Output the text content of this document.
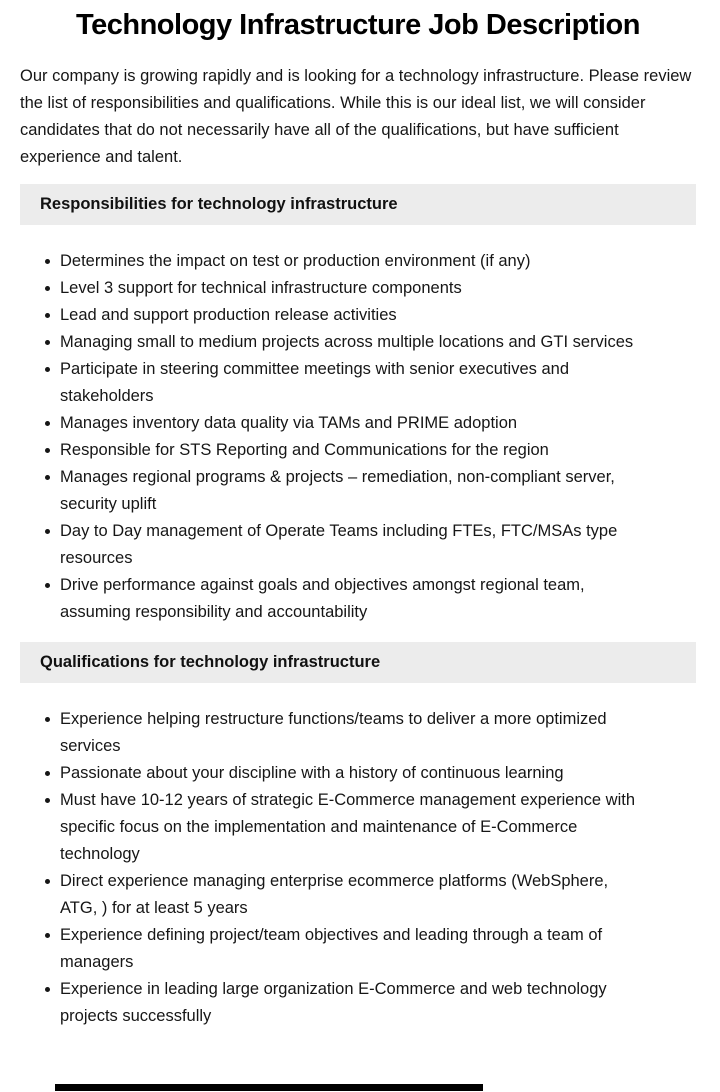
Technology Infrastructure Job Description

Our company is growing rapidly and is looking for a technology infrastructure. Please review the list of responsibilities and qualifications. While this is our ideal list, we will consider candidates that do not necessarily have all of the qualifications, but have sufficient experience and talent.

Responsibilities for technology infrastructure
Determines the impact on test or production environment (if any)
Level 3 support for technical infrastructure components
Lead and support production release activities
Managing small to medium projects across multiple locations and GTI services
Participate in steering committee meetings with senior executives and stakeholders
Manages inventory data quality via TAMs and PRIME adoption
Responsible for STS Reporting and Communications for the region
Manages regional programs & projects – remediation, non-compliant server, security uplift
Day to Day management of Operate Teams including FTEs, FTC/MSAs type resources
Drive performance against goals and objectives amongst regional team, assuming responsibility and accountability
Qualifications for technology infrastructure
Experience helping restructure functions/teams to deliver a more optimized services
Passionate about your discipline with a history of continuous learning
Must have 10-12 years of strategic E-Commerce management experience with specific focus on the implementation and maintenance of E-Commerce technology
Direct experience managing enterprise ecommerce platforms (WebSphere, ATG, ) for at least 5 years
Experience defining project/team objectives and leading through a team of managers
Experience in leading large organization E-Commerce and web technology projects successfully
